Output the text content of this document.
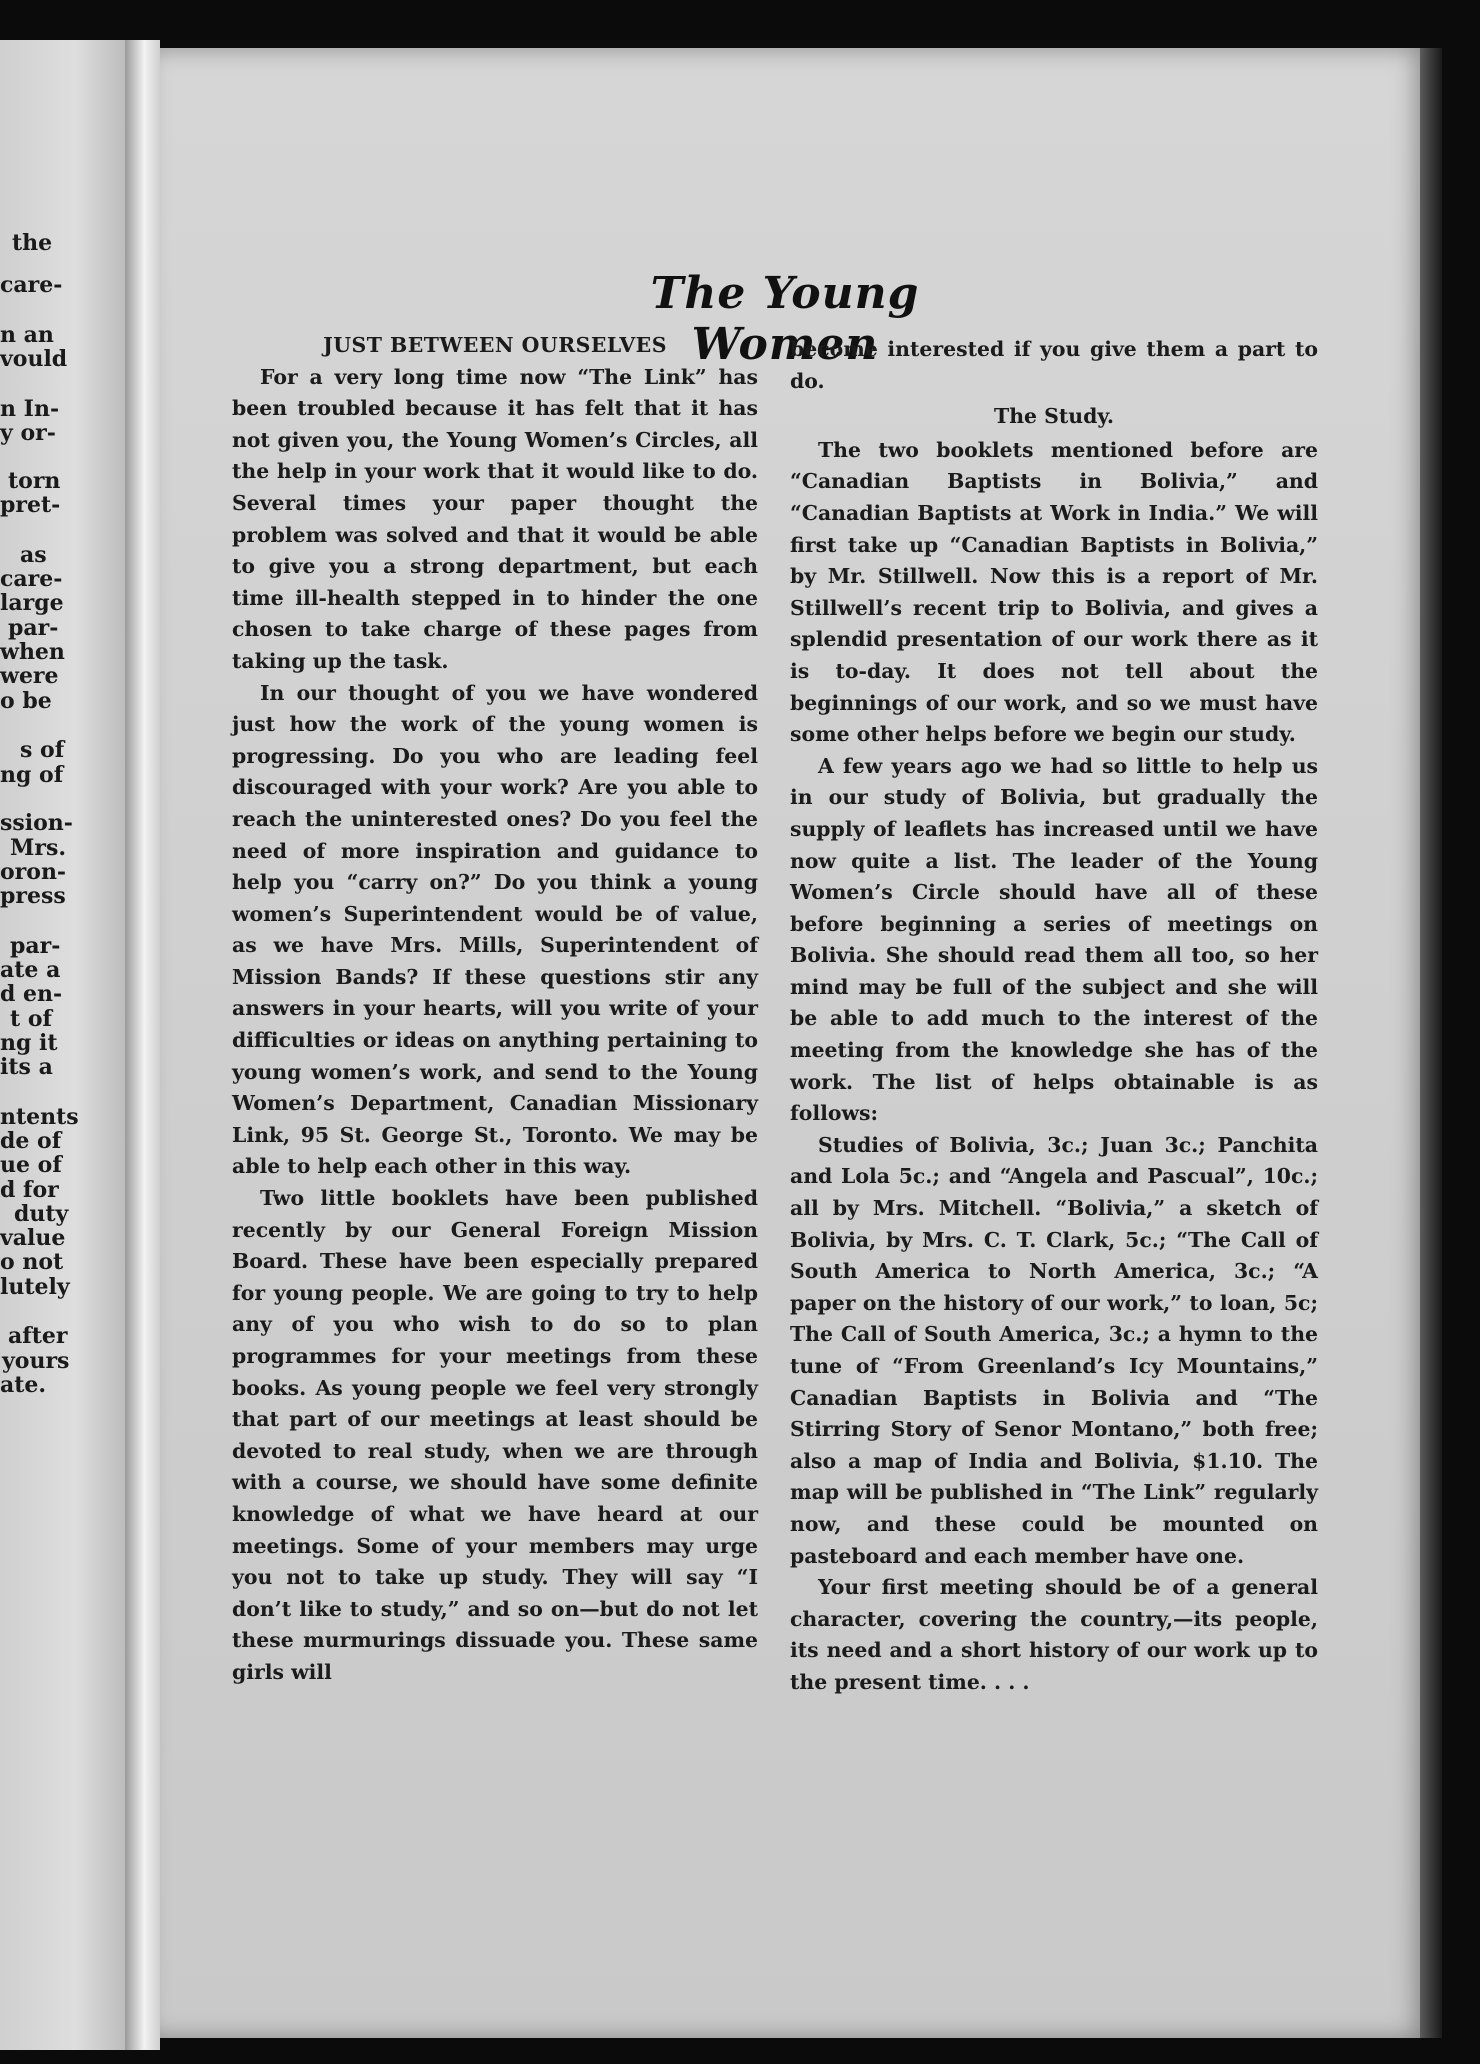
the
care-
n an
vould
n In-
y or-
torn
pret-
as
care-
large
par-
when
were
o be
s of
ng of
ssion-
Mrs.
oron-
press
par-
ate a
d en-
t of
ng it
its a
ntents
de of
ue of
d for
duty
value
o not
lutely
after
yours
ate.
The Young Women

JUST BETWEEN OURSELVES

For a very long time now “The Link” has been troubled because it has felt that it has not given you, the Young Women’s Circles, all the help in your work that it would like to do. Several times your paper thought the problem was solved and that it would be able to give you a strong department, but each time ill-health stepped in to hinder the one chosen to take charge of these pages from taking up the task.

In our thought of you we have wondered just how the work of the young women is progressing. Do you who are leading feel discouraged with your work? Are you able to reach the uninterested ones? Do you feel the need of more inspiration and guidance to help you “carry on?” Do you think a young women’s Superintendent would be of value, as we have Mrs. Mills, Superintendent of Mission Bands? If these questions stir any answers in your hearts, will you write of your difficulties or ideas on anything pertaining to young women’s work, and send to the Young Women’s Department, Canadian Missionary Link, 95 St. George St., Toronto. We may be able to help each other in this way.

Two little booklets have been published recently by our General Foreign Mission Board. These have been especially prepared for young people. We are going to try to help any of you who wish to do so to plan programmes for your meetings from these books. As young people we feel very strongly that part of our meetings at least should be devoted to real study, when we are through with a course, we should have some definite knowledge of what we have heard at our meetings. Some of your members may urge you not to take up study. They will say “I don’t like to study,” and so on—but do not let these murmurings dissuade you. These same girls will

become interested if you give them a part to do.

The Study.

The two booklets mentioned before are “Canadian Baptists in Bolivia,” and “Canadian Baptists at Work in India.” We will first take up “Canadian Baptists in Bolivia,” by Mr. Stillwell. Now this is a report of Mr. Stillwell’s recent trip to Bolivia, and gives a splendid presentation of our work there as it is to-day. It does not tell about the beginnings of our work, and so we must have some other helps before we begin our study.

A few years ago we had so little to help us in our study of Bolivia, but gradually the supply of leaflets has increased until we have now quite a list. The leader of the Young Women’s Circle should have all of these before beginning a series of meetings on Bolivia. She should read them all too, so her mind may be full of the subject and she will be able to add much to the interest of the meeting from the knowledge she has of the work. The list of helps obtainable is as follows:

Studies of Bolivia, 3c.; Juan 3c.; Panchita and Lola 5c.; and “Angela and Pascual”, 10c.; all by Mrs. Mitchell. “Bolivia,” a sketch of Bolivia, by Mrs. C. T. Clark, 5c.; “The Call of South America to North America, 3c.; “A paper on the history of our work,” to loan, 5c; The Call of South America, 3c.; a hymn to the tune of “From Greenland’s Icy Mountains,” Canadian Baptists in Bolivia and “The Stirring Story of Senor Montano,” both free; also a map of India and Bolivia, $1.10. The map will be published in “The Link” regularly now, and these could be mounted on pasteboard and each member have one.

Your first meeting should be of a general character, covering the country,—its people, its need and a short history of our work up to the present time. . . .
